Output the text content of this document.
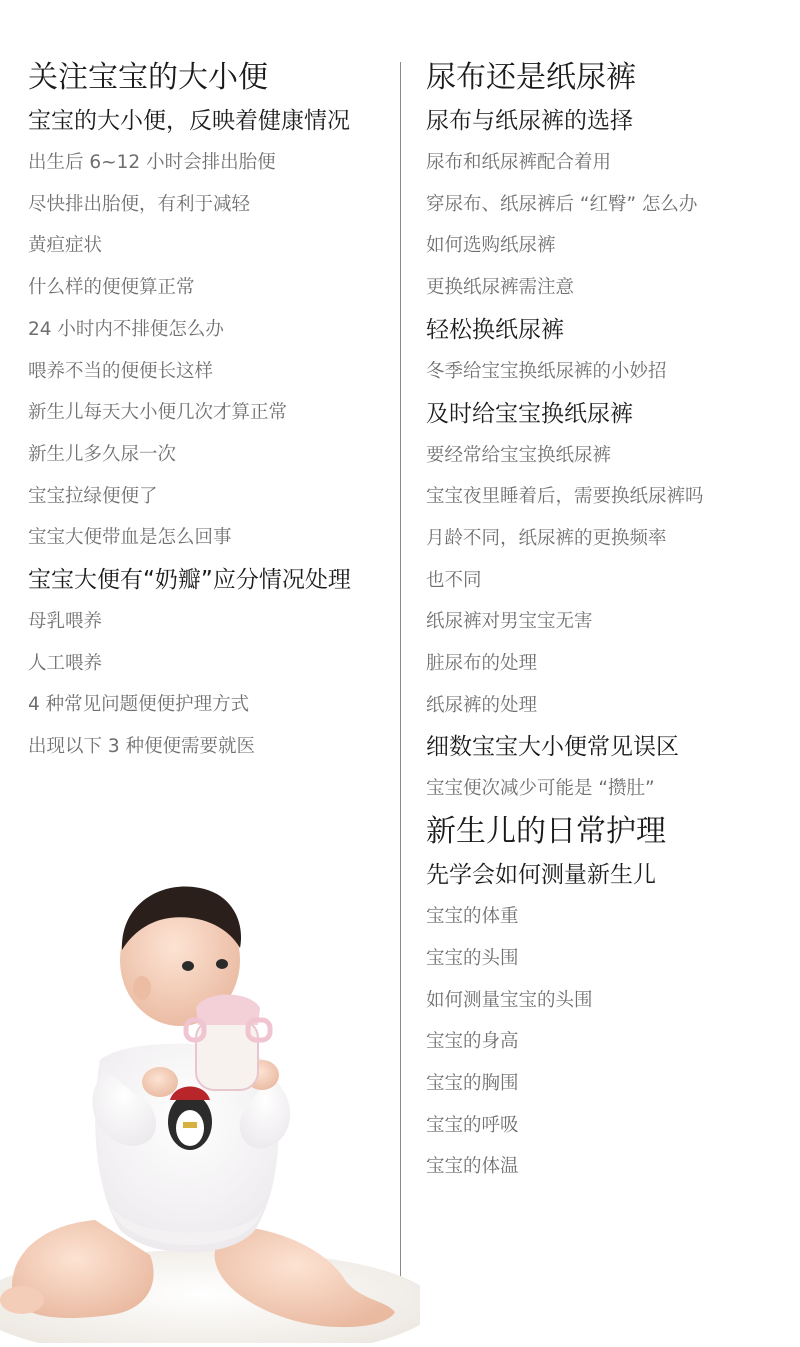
关注宝宝的大小便
宝宝的大小便，反映着健康情况
出生后 6~12 小时会排出胎便
尽快排出胎便，有利于减轻
黄疸症状
什么样的便便算正常
24 小时内不排便怎么办
喂养不当的便便长这样
新生儿每天大小便几次才算正常
新生儿多久尿一次
宝宝拉绿便便了
宝宝大便带血是怎么回事
宝宝大便有“奶瓣”应分情况处理
母乳喂养
人工喂养
4 种常见问题便便护理方式
出现以下 3 种便便需要就医
尿布还是纸尿裤
尿布与纸尿裤的选择
尿布和纸尿裤配合着用
穿尿布、纸尿裤后 “红臀” 怎么办
如何选购纸尿裤
更换纸尿裤需注意
轻松换纸尿裤
冬季给宝宝换纸尿裤的小妙招
及时给宝宝换纸尿裤
要经常给宝宝换纸尿裤
宝宝夜里睡着后，需要换纸尿裤吗
月龄不同，纸尿裤的更换频率
也不同
纸尿裤对男宝宝无害
脏尿布的处理
纸尿裤的处理
细数宝宝大小便常见误区
宝宝便次减少可能是 “攒肚”
新生儿的日常护理
先学会如何测量新生儿
宝宝的体重
宝宝的头围
如何测量宝宝的头围
宝宝的身高
宝宝的胸围
宝宝的呼吸
宝宝的体温
